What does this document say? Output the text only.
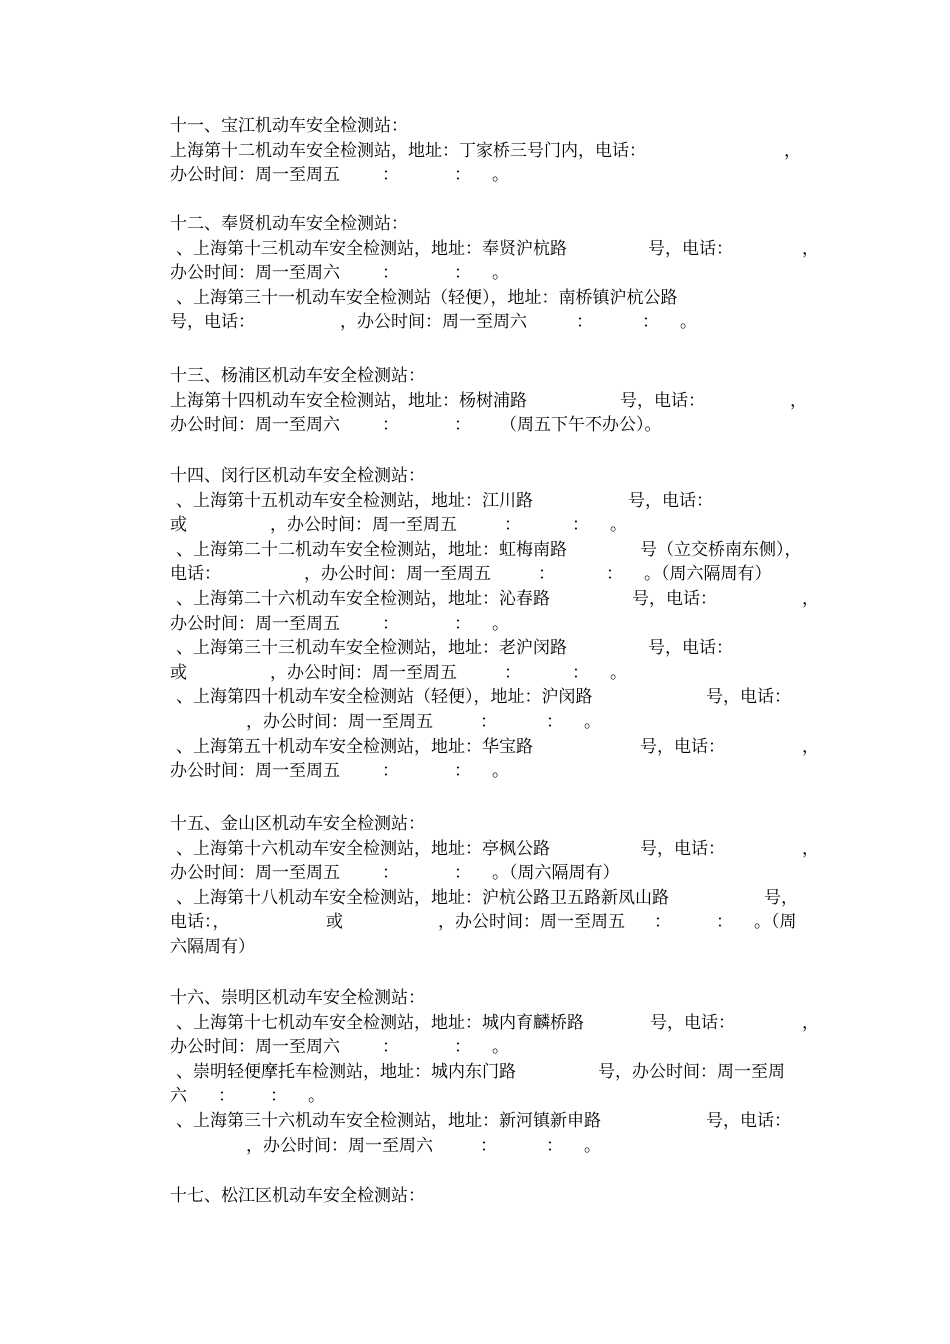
十一、宝江机动车安全检测站：
上海第十二机动车安全检测站，地址：丁家桥三号门内，电话：	，
办公时间：周一至周五 ：	： 。
十二、奉贤机动车安全检测站：
、上海第十三机动车安全检测站，地址：奉贤沪杭路	号，电话：	，
办公时间：周一至周六 ：	： 。
、上海第三十一机动车安全检测站（轻便），地址：南桥镇沪杭公路
号，电话：	，办公时间：周一至周六	：	： 。
十三、杨浦区机动车安全检测站：
上海第十四机动车安全检测站，地址：杨树浦路	号，电话：	，
办公时间：周一至周六 ：	： （周五下午不办公）。
十四、闵行区机动车安全检测站：
、上海第十五机动车安全检测站，地址：江川路	号，电话：
或	，办公时间：周一至周五	：	： 。
、上海第二十二机动车安全检测站，地址：虹梅南路	号（立交桥南东侧），
电话：	，办公时间：周一至周五	：	： 。（周六隔周有）
、上海第二十六机动车安全检测站，地址：沁春路	号，电话：	，
办公时间：周一至周五 ：	： 。
、上海第三十三机动车安全检测站，地址：老沪闵路	号，电话：
或	，办公时间：周一至周五	：	： 。
、上海第四十机动车安全检测站（轻便），地址：沪闵路	号，电话：
，办公时间：周一至周五	：	： 。
、上海第五十机动车安全检测站，地址：华宝路	号，电话：	，
办公时间：周一至周五 ：	： 。
十五、金山区机动车安全检测站：
、上海第十六机动车安全检测站，地址：亭枫公路	号，电话：	，
办公时间：周一至周五 ：	： 。（周六隔周有）
、上海第十八机动车安全检测站，地址：沪杭公路卫五路新凤山路	号，
电话：，	或	，办公时间：周一至周五 ：	： 。（周
六隔周有）
十六、崇明区机动车安全检测站：
、上海第十七机动车安全检测站，地址：城内育麟桥路	号，电话：	，
办公时间：周一至周六 ：	： 。
、崇明轻便摩托车检测站，地址：城内东门路	号，办公时间：周一至周
六 ： ： 。
、上海第三十六机动车安全检测站，地址：新河镇新申路	号，电话：
，办公时间：周一至周六	：	： 。
十七、松江区机动车安全检测站：
